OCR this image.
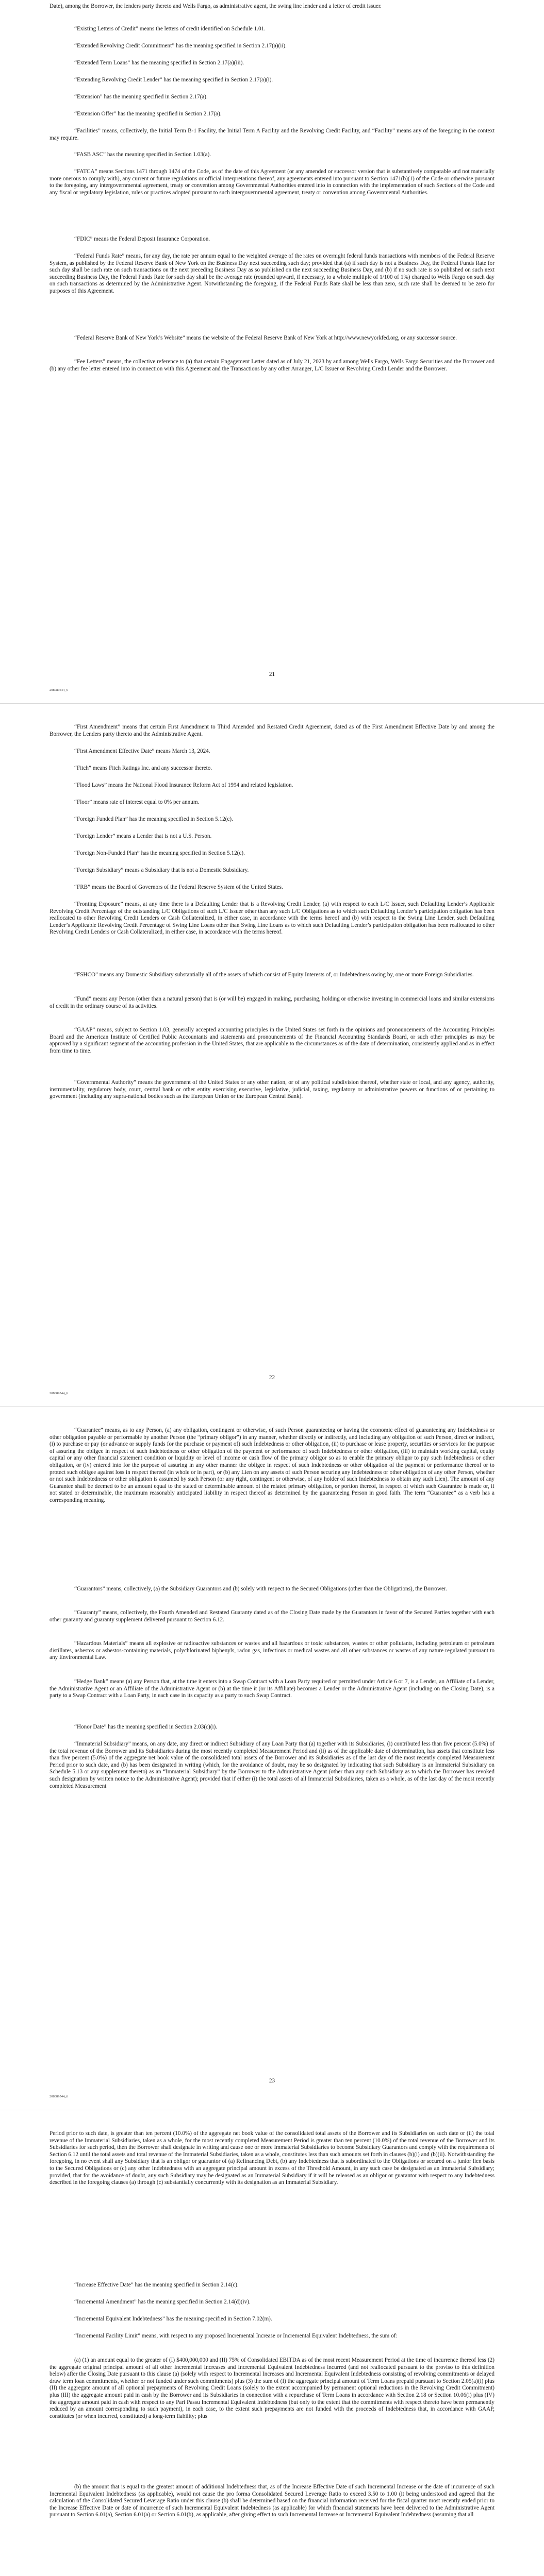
Date), among the Borrower, the lenders party thereto and Wells Fargo, as administrative agent, the swing line lender and a letter of credit issuer.

“Existing Letters of Credit” means the letters of credit identified on Schedule 1.01.

“Extended Revolving Credit Commitment” has the meaning specified in Section 2.17(a)(ii).

“Extended Term Loans” has the meaning specified in Section 2.17(a)(iii).

“Extending Revolving Credit Lender” has the meaning specified in Section 2.17(a)(i).

“Extension” has the meaning specified in Section 2.17(a).

“Extension Offer” has the meaning specified in Section 2.17(a).

“Facilities” means, collectively, the Initial Term B-1 Facility, the Initial Term A Facility and the Revolving Credit Facility, and “Facility” means any of the foregoing in the context may require.

“FASB ASC” has the meaning specified in Section 1.03(a).

“FATCA” means Sections 1471 through 1474 of the Code, as of the date of this Agreement (or any amended or successor version that is substantively comparable and not materially more onerous to comply with), any current or future regulations or official interpretations thereof, any agreements entered into pursuant to Section 1471(b)(1) of the Code or otherwise pursuant to the foregoing, any intergovernmental agreement, treaty or convention among Governmental Authorities entered into in connection with the implementation of such Sections of the Code and any fiscal or regulatory legislation, rules or practices adopted pursuant to such intergovernmental agreement, treaty or convention among Governmental Authorities.

“FDIC” means the Federal Deposit Insurance Corporation.

“Federal Funds Rate” means, for any day, the rate per annum equal to the weighted average of the rates on overnight federal funds transactions with members of the Federal Reserve System, as published by the Federal Reserve Bank of New York on the Business Day next succeeding such day; provided that (a) if such day is not a Business Day, the Federal Funds Rate for such day shall be such rate on such transactions on the next preceding Business Day as so published on the next succeeding Business Day, and (b) if no such rate is so published on such next succeeding Business Day, the Federal Funds Rate for such day shall be the average rate (rounded upward, if necessary, to a whole multiple of 1/100 of 1%) charged to Wells Fargo on such day on such transactions as determined by the Administrative Agent. Notwithstanding the foregoing, if the Federal Funds Rate shall be less than zero, such rate shall be deemed to be zero for purposes of this Agreement.

“Federal Reserve Bank of New York’s Website” means the website of the Federal Reserve Bank of New York at http://www.newyorkfed.org, or any successor source.

“Fee Letters” means, the collective reference to (a) that certain Engagement Letter dated as of July 21, 2023 by and among Wells Fargo, Wells Fargo Securities and the Borrower and (b) any other fee letter entered into in connection with this Agreement and the Transactions by any other Arranger, L/C Issuer or Revolving Credit Lender and the Borrower.

21
208089544_6

“First Amendment” means that certain First Amendment to Third Amended and Restated Credit Agreement, dated as of the First Amendment Effective Date by and among the Borrower, the Lenders party thereto and the Administrative Agent.

“First Amendment Effective Date” means March 13, 2024.

“Fitch” means Fitch Ratings Inc. and any successor thereto.

“Flood Laws” means the National Flood Insurance Reform Act of 1994 and related legislation.

“Floor” means rate of interest equal to 0% per annum.

“Foreign Funded Plan” has the meaning specified in Section 5.12(c).

“Foreign Lender” means a Lender that is not a U.S. Person.

“Foreign Non-Funded Plan” has the meaning specified in Section 5.12(c).

“Foreign Subsidiary” means a Subsidiary that is not a Domestic Subsidiary.

“FRB” means the Board of Governors of the Federal Reserve System of the United States.

“Fronting Exposure” means, at any time there is a Defaulting Lender that is a Revolving Credit Lender, (a) with respect to each L/C Issuer, such Defaulting Lender’s Applicable Revolving Credit Percentage of the outstanding L/C Obligations of such L/C Issuer other than any such L/C Obligations as to which such Defaulting Lender’s participation obligation has been reallocated to other Revolving Credit Lenders or Cash Collateralized, in either case, in accordance with the terms hereof and (b) with respect to the Swing Line Lender, such Defaulting Lender’s Applicable Revolving Credit Percentage of Swing Line Loans other than Swing Line Loans as to which such Defaulting Lender’s participation obligation has been reallocated to other Revolving Credit Lenders or Cash Collateralized, in either case, in accordance with the terms hereof.

“FSHCO” means any Domestic Subsidiary substantially all of the assets of which consist of Equity Interests of, or Indebtedness owing by, one or more Foreign Subsidiaries.

“Fund” means any Person (other than a natural person) that is (or will be) engaged in making, purchasing, holding or otherwise investing in commercial loans and similar extensions of credit in the ordinary course of its activities.

“GAAP” means, subject to Section 1.03, generally accepted accounting principles in the United States set forth in the opinions and pronouncements of the Accounting Principles Board and the American Institute of Certified Public Accountants and statements and pronouncements of the Financial Accounting Standards Board, or such other principles as may be approved by a significant segment of the accounting profession in the United States, that are applicable to the circumstances as of the date of determination, consistently applied and as in effect from time to time.

“Governmental Authority” means the government of the United States or any other nation, or of any political subdivision thereof, whether state or local, and any agency, authority, instrumentality, regulatory body, court, central bank or other entity exercising executive, legislative, judicial, taxing, regulatory or administrative powers or functions of or pertaining to government (including any supra-national bodies such as the European Union or the European Central Bank).

22
208089544_6

“Guarantee” means, as to any Person, (a) any obligation, contingent or otherwise, of such Person guaranteeing or having the economic effect of guaranteeing any Indebtedness or other obligation payable or performable by another Person (the “primary obligor”) in any manner, whether directly or indirectly, and including any obligation of such Person, direct or indirect, (i) to purchase or pay (or advance or supply funds for the purchase or payment of) such Indebtedness or other obligation, (ii) to purchase or lease property, securities or services for the purpose of assuring the obligee in respect of such Indebtedness or other obligation of the payment or performance of such Indebtedness or other obligation, (iii) to maintain working capital, equity capital or any other financial statement condition or liquidity or level of income or cash flow of the primary obligor so as to enable the primary obligor to pay such Indebtedness or other obligation, or (iv) entered into for the purpose of assuring in any other manner the obligee in respect of such Indebtedness or other obligation of the payment or performance thereof or to protect such obligee against loss in respect thereof (in whole or in part), or (b) any Lien on any assets of such Person securing any Indebtedness or other obligation of any other Person, whether or not such Indebtedness or other obligation is assumed by such Person (or any right, contingent or otherwise, of any holder of such Indebtedness to obtain any such Lien). The amount of any Guarantee shall be deemed to be an amount equal to the stated or determinable amount of the related primary obligation, or portion thereof, in respect of which such Guarantee is made or, if not stated or determinable, the maximum reasonably anticipated liability in respect thereof as determined by the guaranteeing Person in good faith. The term “Guarantee” as a verb has a corresponding meaning.

“Guarantors” means, collectively, (a) the Subsidiary Guarantors and (b) solely with respect to the Secured Obligations (other than the Obligations), the Borrower.

“Guaranty” means, collectively, the Fourth Amended and Restated Guaranty dated as of the Closing Date made by the Guarantors in favor of the Secured Parties together with each other guaranty and guaranty supplement delivered pursuant to Section 6.12.

“Hazardous Materials” means all explosive or radioactive substances or wastes and all hazardous or toxic substances, wastes or other pollutants, including petroleum or petroleum distillates, asbestos or asbestos-containing materials, polychlorinated biphenyls, radon gas, infectious or medical wastes and all other substances or wastes of any nature regulated pursuant to any Environmental Law.

“Hedge Bank” means (a) any Person that, at the time it enters into a Swap Contract with a Loan Party required or permitted under Article 6 or 7, is a Lender, an Affiliate of a Lender, the Administrative Agent or an Affiliate of the Administrative Agent or (b) at the time it (or its Affiliate) becomes a Lender or the Administrative Agent (including on the Closing Date), is a party to a Swap Contract with a Loan Party, in each case in its capacity as a party to such Swap Contract.

“Honor Date” has the meaning specified in Section 2.03(c)(i).

“Immaterial Subsidiary” means, on any date, any direct or indirect Subsidiary of any Loan Party that (a) together with its Subsidiaries, (i) contributed less than five percent (5.0%) of the total revenue of the Borrower and its Subsidiaries during the most recently completed Measurement Period and (ii) as of the applicable date of determination, has assets that constitute less than five percent (5.0%) of the aggregate net book value of the consolidated total assets of the Borrower and its Subsidiaries as of the last day of the most recently completed Measurement Period prior to such date, and (b) has been designated in writing (which, for the avoidance of doubt, may be so designated by indicating that such Subsidiary is an Immaterial Subsidiary on Schedule 5.13 or any supplement thereto) as an “Immaterial Subsidiary” by the Borrower to the Administrative Agent (other than any such Subsidiary as to which the Borrower has revoked such designation by written notice to the Administrative Agent); provided that if either (i) the total assets of all Immaterial Subsidiaries, taken as a whole, as of the last day of the most recently completed Measurement

23
208089544_6

Period prior to such date, is greater than ten percent (10.0%) of the aggregate net book value of the consolidated total assets of the Borrower and its Subsidiaries on such date or (ii) the total revenue of the Immaterial Subsidiaries, taken as a whole, for the most recently completed Measurement Period is greater than ten percent (10.0%) of the total revenue of the Borrower and its Subsidiaries for such period, then the Borrower shall designate in writing and cause one or more Immaterial Subsidiaries to become Subsidiary Guarantors and comply with the requirements of Section 6.12 until the total assets and total revenue of the Immaterial Subsidiaries, taken as a whole, constitutes less than such amounts set forth in clauses (b)(i) and (b)(ii). Notwithstanding the foregoing, in no event shall any Subsidiary that is an obligor or guarantor of (a) Refinancing Debt, (b) any Indebtedness that is subordinated to the Obligations or secured on a junior lien basis to the Secured Obligations or (c) any other Indebtedness with an aggregate principal amount in excess of the Threshold Amount, in any such case be designated as an Immaterial Subsidiary; provided, that for the avoidance of doubt, any such Subsidiary may be designated as an Immaterial Subsidiary if it will be released as an obligor or guarantor with respect to any Indebtedness described in the foregoing clauses (a) through (c) substantially concurrently with its designation as an Immaterial Subsidiary.

“Increase Effective Date” has the meaning specified in Section 2.14(c).

“Incremental Amendment” has the meaning specified in Section 2.14(d)(iv).

“Incremental Equivalent Indebtedness” has the meaning specified in Section 7.02(m).

“Incremental Facility Limit” means, with respect to any proposed Incremental Increase or Incremental Equivalent Indebtedness, the sum of:

(a) (1) an amount equal to the greater of (I) $400,000,000 and (II) 75% of Consolidated EBITDA as of the most recent Measurement Period at the time of incurrence thereof less (2) the aggregate original principal amount of all other Incremental Increases and Incremental Equivalent Indebtedness incurred (and not reallocated pursuant to the proviso to this definition below) after the Closing Date pursuant to this clause (a) (solely with respect to Incremental Increases and Incremental Equivalent Indebtedness consisting of revolving commitments or delayed draw term loan commitments, whether or not funded under such commitments) plus (3) the sum of (I) the aggregate principal amount of Term Loans prepaid pursuant to Section 2.05(a)(i) plus (II) the aggregate amount of all optional prepayments of Revolving Credit Loans (solely to the extent accompanied by permanent optional reductions in the Revolving Credit Commitment) plus (III) the aggregate amount paid in cash by the Borrower and its Subsidiaries in connection with a repurchase of Term Loans in accordance with Section 2.18 or Section 10.06(i) plus (IV) the aggregate amount paid in cash with respect to any Pari Passu Incremental Equivalent Indebtedness (but only to the extent that the commitments with respect thereto have been permanently reduced by an amount corresponding to such payment), in each case, to the extent such prepayments are not funded with the proceeds of Indebtedness that, in accordance with GAAP, constitutes (or when incurred, constituted) a long-term liability; plus

(b) the amount that is equal to the greatest amount of additional Indebtedness that, as of the Increase Effective Date of such Incremental Increase or the date of incurrence of such Incremental Equivalent Indebtedness (as applicable), would not cause the pro forma Consolidated Secured Leverage Ratio to exceed 3.50 to 1.00 (it being understood and agreed that the calculation of the Consolidated Secured Leverage Ratio under this clause (b) shall be determined based on the financial information received for the fiscal quarter most recently ended prior to the Increase Effective Date or date of incurrence of such Incremental Equivalent Indebtedness (as applicable) for which financial statements have been delivered to the Administrative Agent pursuant to Section 6.01(a), Section 6.01(a) or Section 6.01(b), as applicable, after giving effect to such Incremental Increase or Incremental Equivalent Indebtedness (assuming that all
